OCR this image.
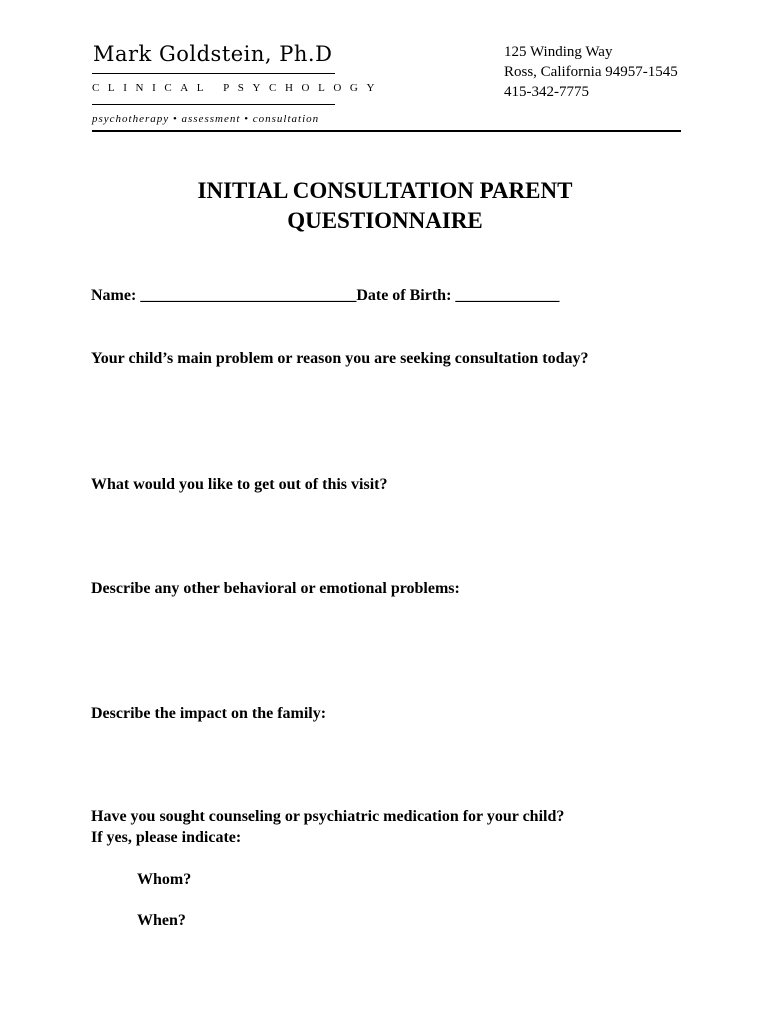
Mark Goldstein, Ph.D
CLINICAL PSYCHOLOGY
psychotherapy • assessment • consultation
125 Winding Way
Ross, California 94957-1545
415-342-7775
INITIAL CONSULTATION PARENT
QUESTIONNAIRE
Name: ___________________________Date of Birth: _____________
Your child’s main problem or reason you are seeking consultation today?
What would you like to get out of this visit?
Describe any other behavioral or emotional problems:
Describe the impact on the family:
Have you sought counseling or psychiatric medication for your child?
If yes, please indicate:
Whom?
When?
